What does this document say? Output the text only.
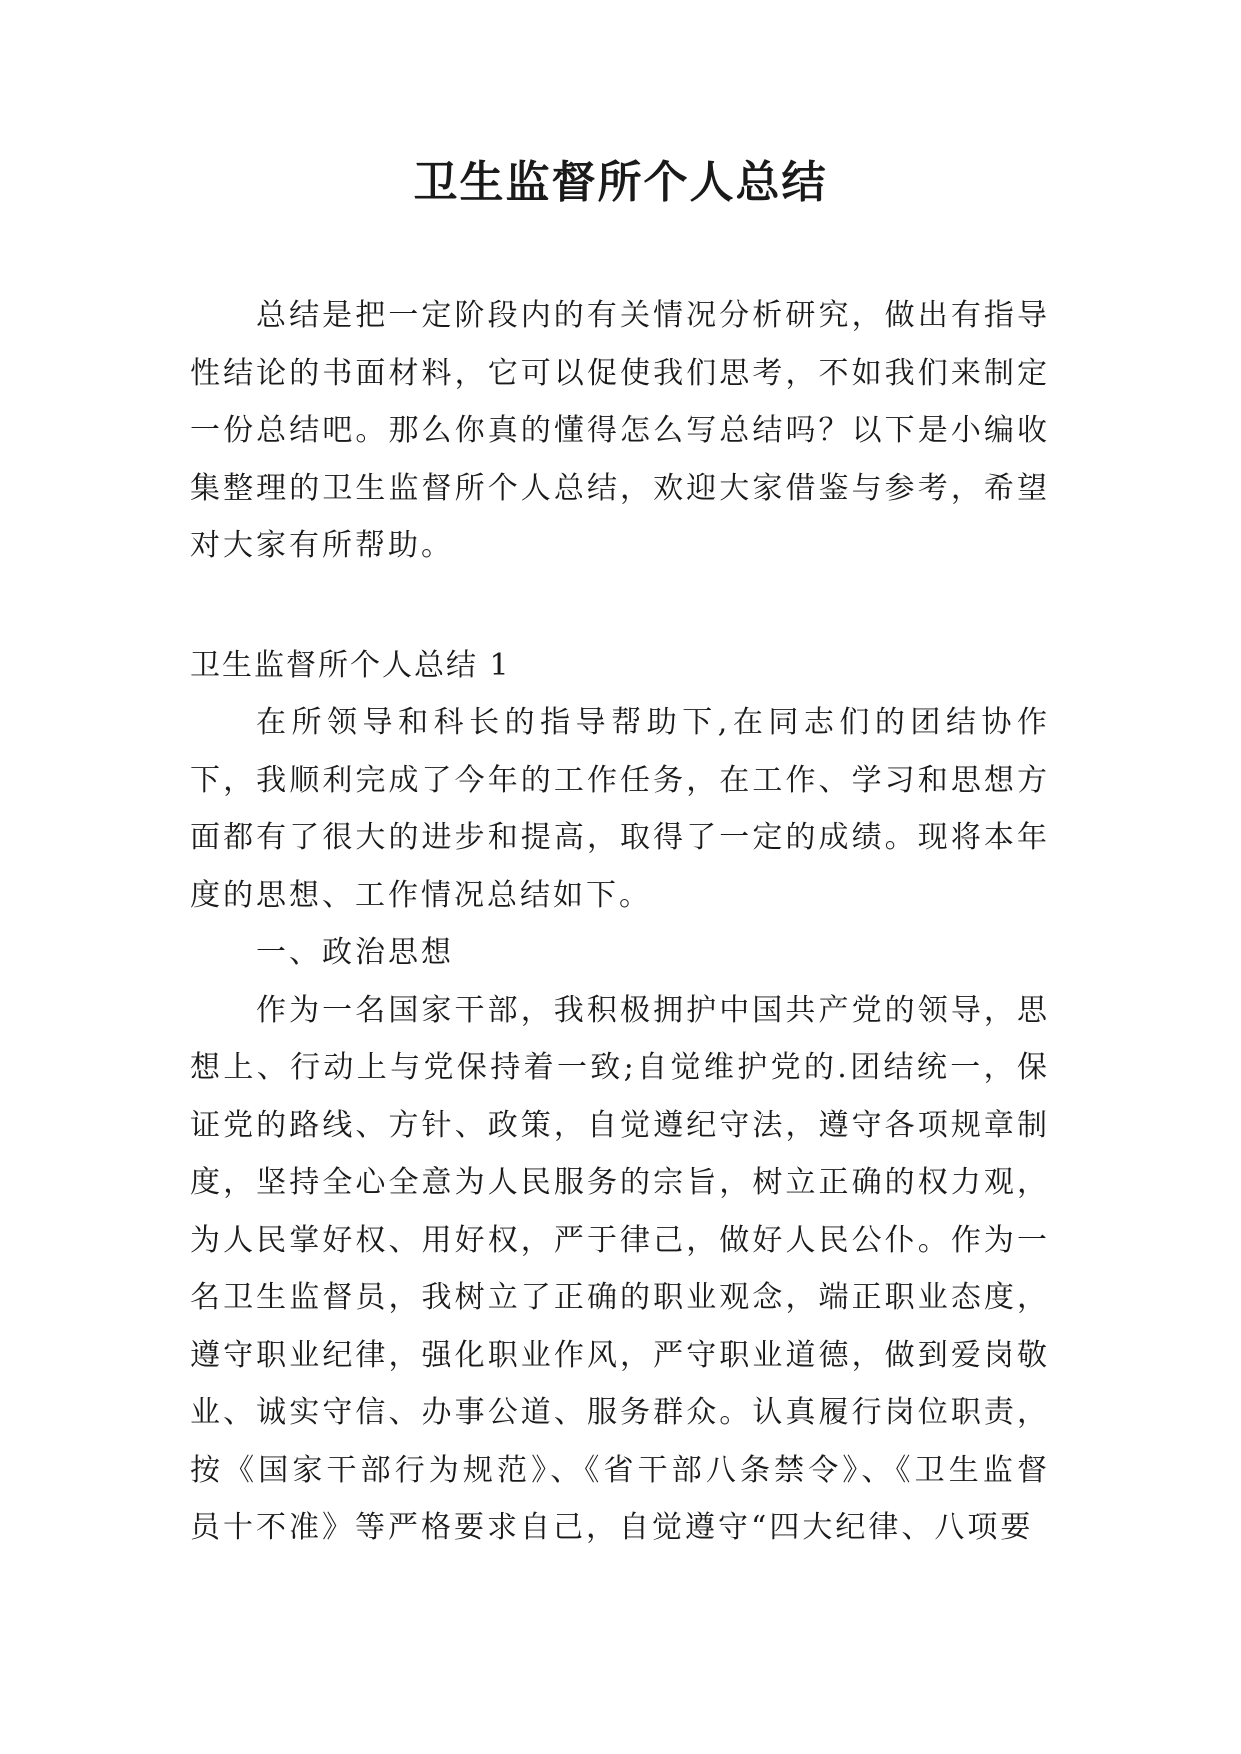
卫生监督所个人总结

总结是把一定阶段内的有关情况分析研究，做出有指导性结论的书面材料，它可以促使我们思考，不如我们来制定一份总结吧。那么你真的懂得怎么写总结吗？以下是小编收集整理的卫生监督所个人总结，欢迎大家借鉴与参考，希望对大家有所帮助。

卫生监督所个人总结 1

在所领导和科长的指导帮助下,在同志们的团结协作下，我顺利完成了今年的工作任务，在工作、学习和思想方面都有了很大的进步和提高，取得了一定的成绩。现将本年度的思想、工作情况总结如下。

一、政治思想

作为一名国家干部，我积极拥护中国共产党的领导，思想上、行动上与党保持着一致;自觉维护党的.团结统一，保证党的路线、方针、政策，自觉遵纪守法，遵守各项规章制度，坚持全心全意为人民服务的宗旨，树立正确的权力观，为人民掌好权、用好权，严于律己，做好人民公仆。作为一名卫生监督员，我树立了正确的职业观念，端正职业态度，遵守职业纪律，强化职业作风，严守职业道德，做到爱岗敬业、诚实守信、办事公道、服务群众。认真履行岗位职责，按《国家干部行为规范》、《省干部八条禁令》、《卫生监督员十不准》等严格要求自己，自觉遵守“四大纪律、八项要
